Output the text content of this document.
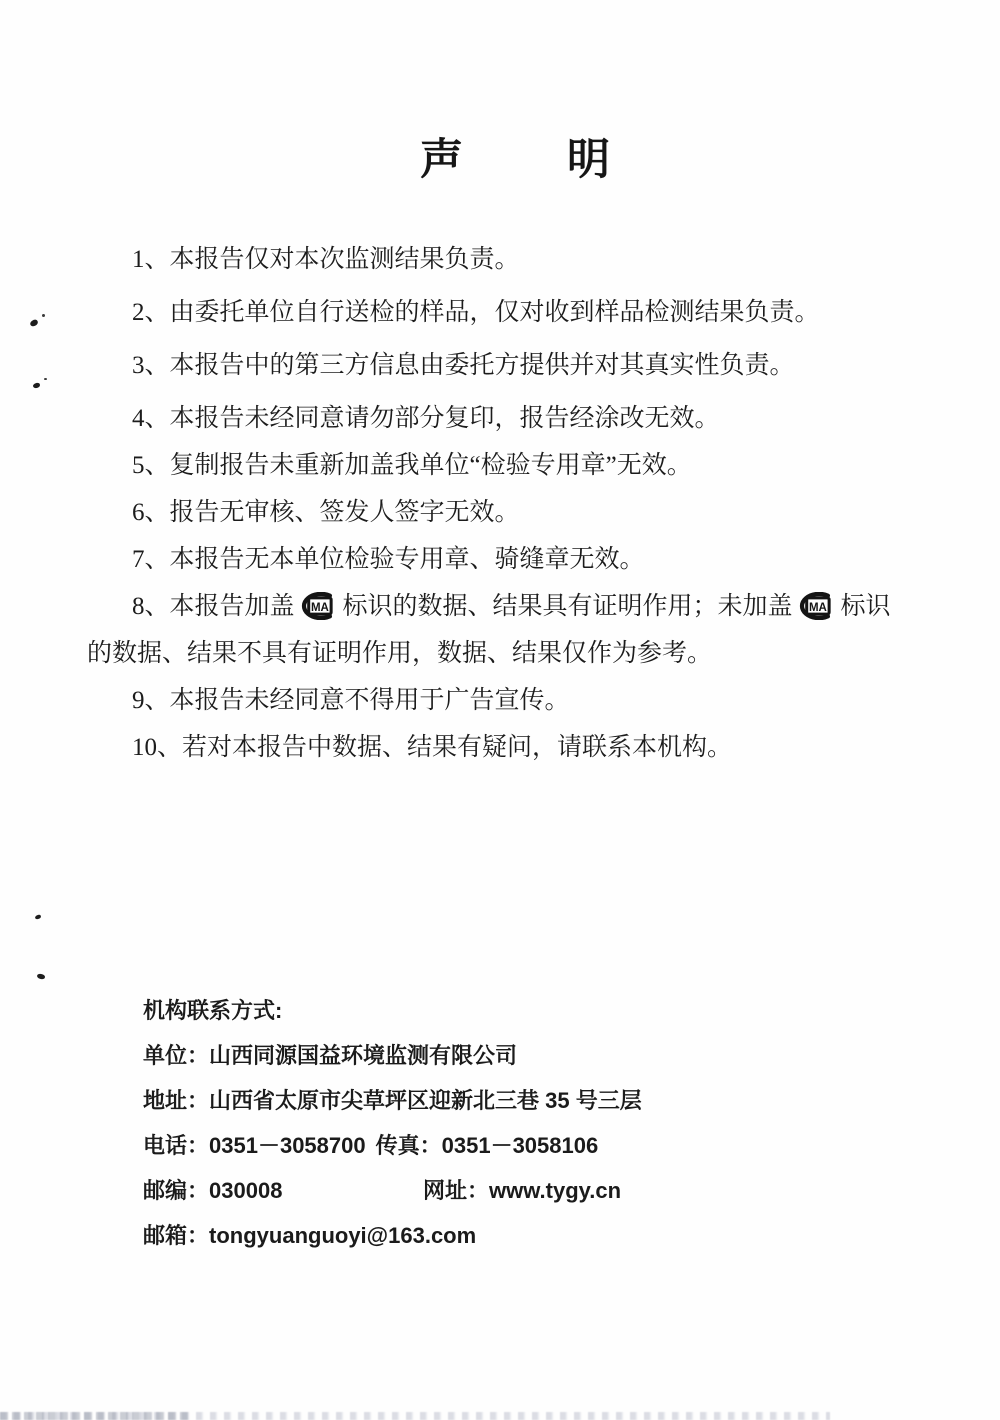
声 明

1、本报告仅对本次监测结果负责。

2、由委托单位自行送检的样品，仅对收到样品检测结果负责。

3、本报告中的第三方信息由委托方提供并对其真实性负责。

4、本报告未经同意请勿部分复印，报告经涂改无效。

5、复制报告未重新加盖我单位“检验专用章”无效。

6、报告无审核、签发人签字无效。

7、本报告无本单位检验专用章、骑缝章无效。

8、本报告加盖 MA 标识的数据、结果具有证明作用；未加盖 MA 标识的数据、结果不具有证明作用，数据、结果仅作为参考。

9、本报告未经同意不得用于广告宣传。

10、若对本报告中数据、结果有疑问，请联系本机构。

机构联系方式:

单位：山西同源国益环境监测有限公司

地址：山西省太原市尖草坪区迎新北三巷 35 号三层

电话：0351－3058700 传真：0351－3058106

邮编：030008	网址：www.tygy.cn

邮箱：tongyuanguoyi@163.com
